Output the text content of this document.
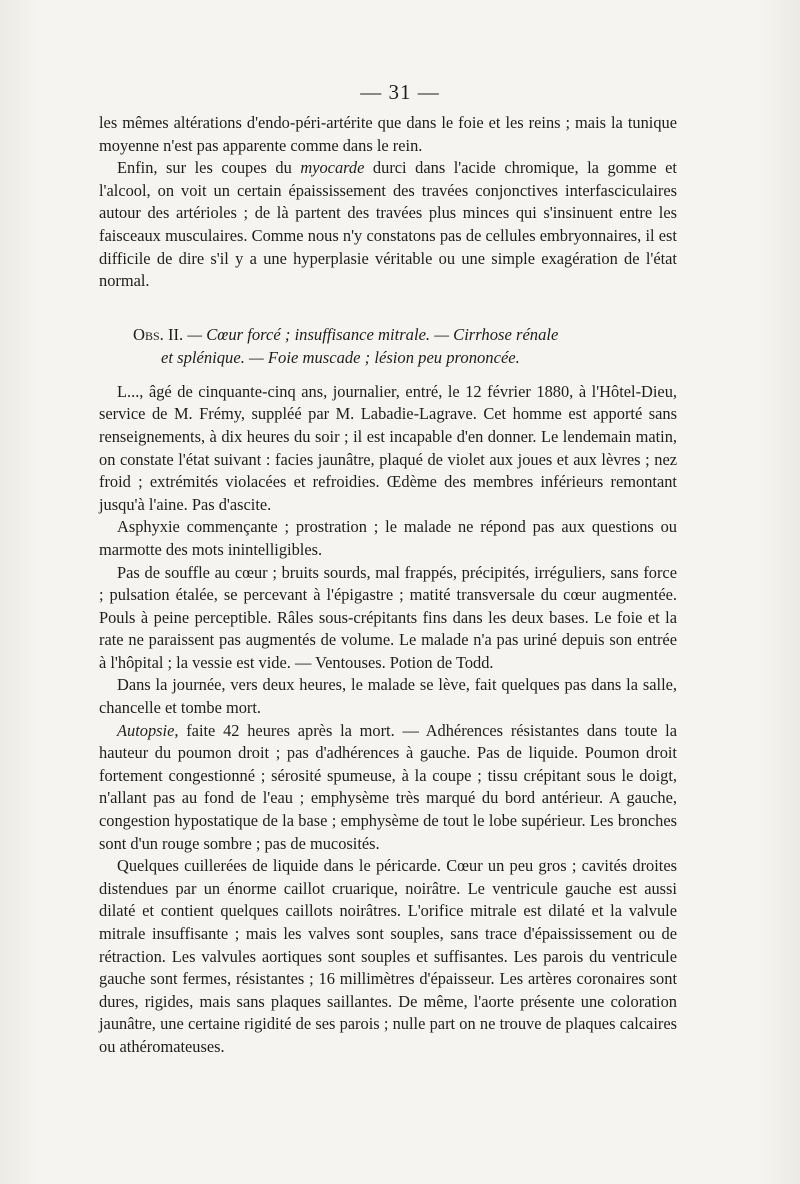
— 31 —

les mêmes altérations d'endo-péri-artérite que dans le foie et les reins ; mais la tunique moyenne n'est pas apparente comme dans le rein.

Enfin, sur les coupes du myocarde durci dans l'acide chromique, la gomme et l'alcool, on voit un certain épaississement des travées conjonctives interfasciculaires autour des artérioles ; de là partent des travées plus minces qui s'insinuent entre les faisceaux musculaires. Comme nous n'y constatons pas de cellules embryonnaires, il est difficile de dire s'il y a une hyperplasie véritable ou une simple exagération de l'état normal.

Obs. II. — Cœur forcé ; insuffisance mitrale. — Cirrhose rénale
et splénique. — Foie muscade ; lésion peu prononcée.

L..., âgé de cinquante-cinq ans, journalier, entré, le 12 février 1880, à l'Hôtel-Dieu, service de M. Frémy, suppléé par M. Labadie-Lagrave. Cet homme est apporté sans renseignements, à dix heures du soir ; il est incapable d'en donner. Le lendemain matin, on constate l'état suivant : facies jaunâtre, plaqué de violet aux joues et aux lèvres ; nez froid ; extrémités violacées et refroidies. Œdème des membres inférieurs remontant jusqu'à l'aine. Pas d'ascite.

Asphyxie commençante ; prostration ; le malade ne répond pas aux questions ou marmotte des mots inintelligibles.

Pas de souffle au cœur ; bruits sourds, mal frappés, précipités, irréguliers, sans force ; pulsation étalée, se percevant à l'épigastre ; matité transversale du cœur augmentée. Pouls à peine perceptible. Râles sous-crépitants fins dans les deux bases. Le foie et la rate ne paraissent pas augmentés de volume. Le malade n'a pas uriné depuis son entrée à l'hôpital ; la vessie est vide. — Ventouses. Potion de Todd.

Dans la journée, vers deux heures, le malade se lève, fait quelques pas dans la salle, chancelle et tombe mort.

Autopsie, faite 42 heures après la mort. — Adhérences résistantes dans toute la hauteur du poumon droit ; pas d'adhérences à gauche. Pas de liquide. Poumon droit fortement congestionné ; sérosité spumeuse, à la coupe ; tissu crépitant sous le doigt, n'allant pas au fond de l'eau ; emphysème très marqué du bord antérieur. A gauche, congestion hypostatique de la base ; emphysème de tout le lobe supérieur. Les bronches sont d'un rouge sombre ; pas de mucosités.

Quelques cuillerées de liquide dans le péricarde. Cœur un peu gros ; cavités droites distendues par un énorme caillot cruarique, noirâtre. Le ventricule gauche est aussi dilaté et contient quelques caillots noirâtres. L'orifice mitrale est dilaté et la valvule mitrale insuffisante ; mais les valves sont souples, sans trace d'épaississement ou de rétraction. Les valvules aortiques sont souples et suffisantes. Les parois du ventricule gauche sont fermes, résistantes ; 16 millimètres d'épaisseur. Les artères coronaires sont dures, rigides, mais sans plaques saillantes. De même, l'aorte présente une coloration jaunâtre, une certaine rigidité de ses parois ; nulle part on ne trouve de plaques calcaires ou athéromateuses.
